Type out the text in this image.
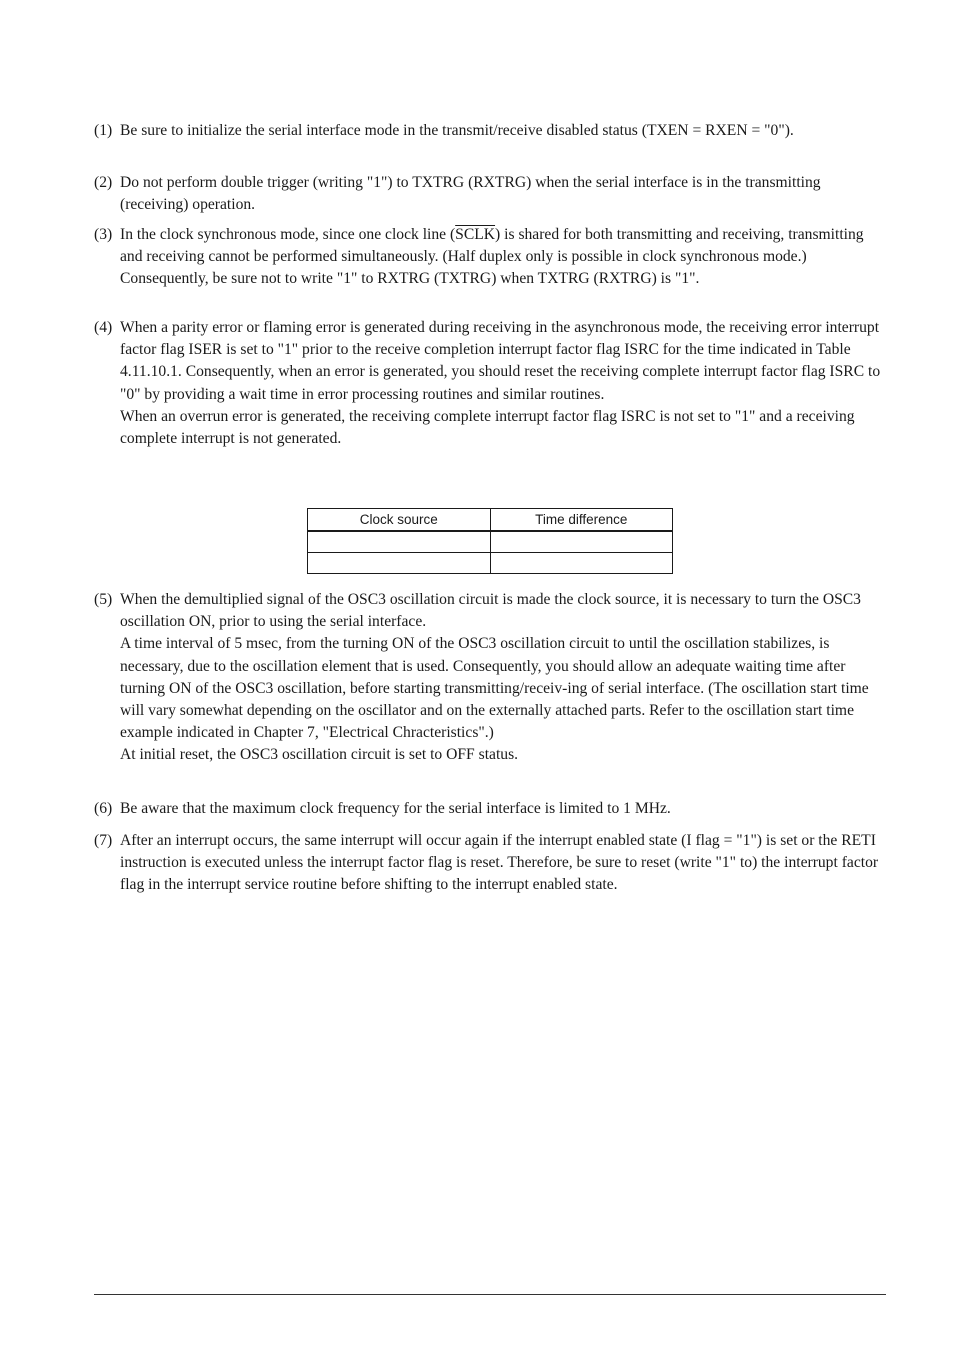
(1) Be sure to initialize the serial interface mode in the transmit/receive disabled status (TXEN = RXEN = "0").

(2) Do not perform double trigger (writing "1") to TXTRG (RXTRG) when the serial interface is in the transmitting (receiving) operation.

(3) In the clock synchronous mode, since one clock line (SCLK) is shared for both transmitting and receiving, transmitting and receiving cannot be performed simultaneously. (Half duplex only is possible in clock synchronous mode.)

Consequently, be sure not to write "1" to RXTRG (TXTRG) when TXTRG (RXTRG) is "1".

(4) When a parity error or flaming error is generated during receiving in the asynchronous mode, the receiving error interrupt factor flag ISER is set to "1" prior to the receive completion interrupt factor flag ISRC for the time indicated in Table 4.11.10.1. Consequently, when an error is generated, you should reset the receiving complete interrupt factor flag ISRC to "0" by providing a wait time in error processing routines and similar routines.

When an overrun error is generated, the receiving complete interrupt factor flag ISRC is not set to "1" and a receiving complete interrupt is not generated.

Clock source	Time difference

(5) When the demultiplied signal of the OSC3 oscillation circuit is made the clock source, it is necessary to turn the OSC3 oscillation ON, prior to using the serial interface.

A time interval of 5 msec, from the turning ON of the OSC3 oscillation circuit to until the oscillation stabilizes, is necessary, due to the oscillation element that is used. Consequently, you should allow an adequate waiting time after turning ON of the OSC3 oscillation, before starting transmitting/receiv-ing of serial interface. (The oscillation start time will vary somewhat depending on the oscillator and on the externally attached parts. Refer to the oscillation start time example indicated in Chapter 7, "Electrical Chracteristics".)

At initial reset, the OSC3 oscillation circuit is set to OFF status.

(6) Be aware that the maximum clock frequency for the serial interface is limited to 1 MHz.

(7) After an interrupt occurs, the same interrupt will occur again if the interrupt enabled state (I flag = "1") is set or the RETI instruction is executed unless the interrupt factor flag is reset. Therefore, be sure to reset (write "1" to) the interrupt factor flag in the interrupt service routine before shifting to the interrupt enabled state.
